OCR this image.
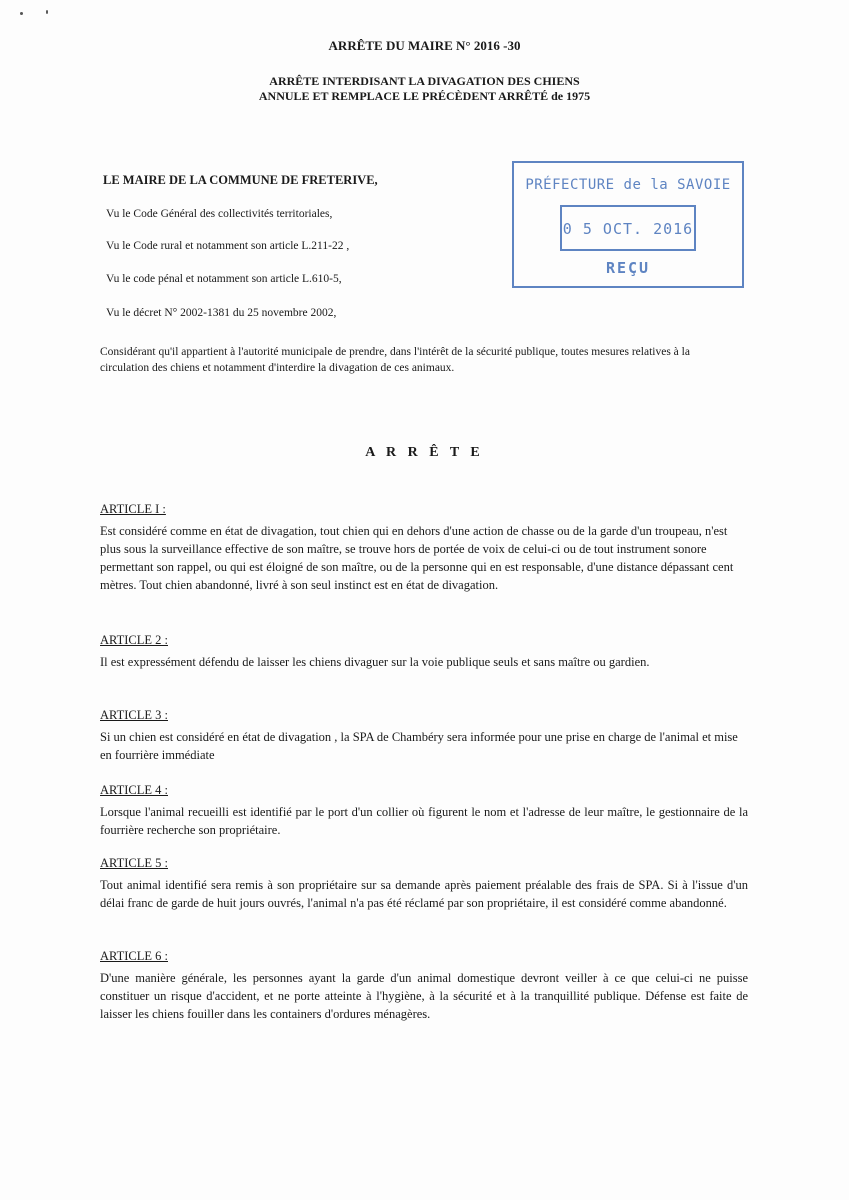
ARRÊTE DU MAIRE N° 2016 -30
ARRÊTE INTERDISANT LA DIVAGATION DES CHIENS
ANNULE ET REMPLACE LE PRÉCÈDENT ARRÊTÉ de 1975
LE MAIRE DE LA COMMUNE DE FRETERIVE,
Vu le Code Général des collectivités territoriales,
Vu le Code rural et notamment son article L.211-22 ,
Vu le code pénal et notamment son article L.610-5,
Vu le décret N° 2002-1381 du 25 novembre 2002,
Considérant qu'il appartient à l'autorité municipale de prendre, dans l'intérêt de la sécurité publique, toutes mesures relatives à la circulation des chiens et notamment d'interdire la divagation de ces animaux.
PRÉFECTURE de la SAVOIE
0 5 OCT. 2016
REÇU
A R R Ê T E
ARTICLE I :
Est considéré comme en état de divagation, tout chien qui en dehors d'une action de chasse ou de la garde d'un troupeau, n'est plus sous la surveillance effective de son maître, se trouve hors de portée de voix de celui-ci ou de tout instrument sonore permettant son rappel, ou qui est éloigné de son maître, ou de la personne qui en est responsable, d'une distance dépassant cent mètres. Tout chien abandonné, livré à son seul instinct est en état de divagation.
ARTICLE 2 :
Il est expressément défendu de laisser les chiens divaguer sur la voie publique seuls et sans maître ou gardien.
ARTICLE 3 :
Si un chien est considéré en état de divagation , la SPA de Chambéry sera informée pour une prise en charge de l'animal et mise en fourrière immédiate
ARTICLE 4 :
Lorsque l'animal recueilli est identifié par le port d'un collier où figurent le nom et l'adresse de leur maître, le gestionnaire de la fourrière recherche son propriétaire.
ARTICLE 5 :
Tout animal identifié sera remis à son propriétaire sur sa demande après paiement préalable des frais de SPA. Si à l'issue d'un délai franc de garde de huit jours ouvrés, l'animal n'a pas été réclamé par son propriétaire, il est considéré comme abandonné.
ARTICLE 6 :
D'une manière générale, les personnes ayant la garde d'un animal domestique devront veiller à ce que celui-ci ne puisse constituer un risque d'accident, et ne porte atteinte à l'hygiène, à la sécurité et à la tranquillité publique. Défense est faite de laisser les chiens fouiller dans les containers d'ordures ménagères.
